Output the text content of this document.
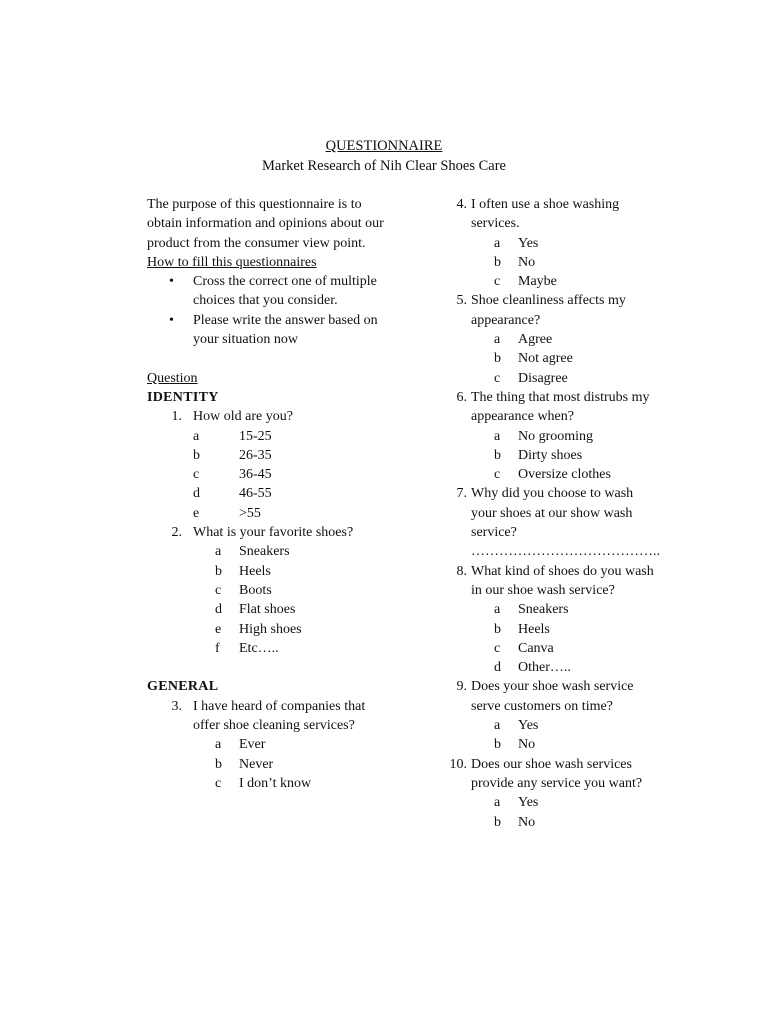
QUESTIONNAIRE
Market Research of Nih Clear Shoes Care

The purpose of this questionnaire is to obtain information and opinions about our product from the consumer view point.

How to fill this questionnaires

• Cross the correct one of multiple choices that you consider.
• Please write the answer based on your situation now

Question

IDENTITY

1. How old are you?
a	15-25
b	26-35
c	36-45
d	46-55
e	>55
2. What is your favorite shoes?
a Sneakers
b Heels
c Boots
d Flat shoes
e High shoes
f Etc…..

GENERAL

3. I have heard of companies that offer shoe cleaning services?
a Ever
b Never
c I don’t know
4. I often use a shoe washing services.
a Yes
b No
c Maybe
5. Shoe cleanliness affects my appearance?
a Agree
b Not agree
c Disagree
6. The thing that most distrubs my appearance when?
a No grooming
b Dirty shoes
c Oversize clothes
7. Why did you choose to wash your shoes at our show wash service?
…………………………………..
8. What kind of shoes do you wash in our shoe wash service?
a Sneakers
b Heels
c Canva
d Other…..
9. Does your shoe wash service serve customers on time?
a Yes
b No
10. Does our shoe wash services provide any service you want?
a Yes
b No
